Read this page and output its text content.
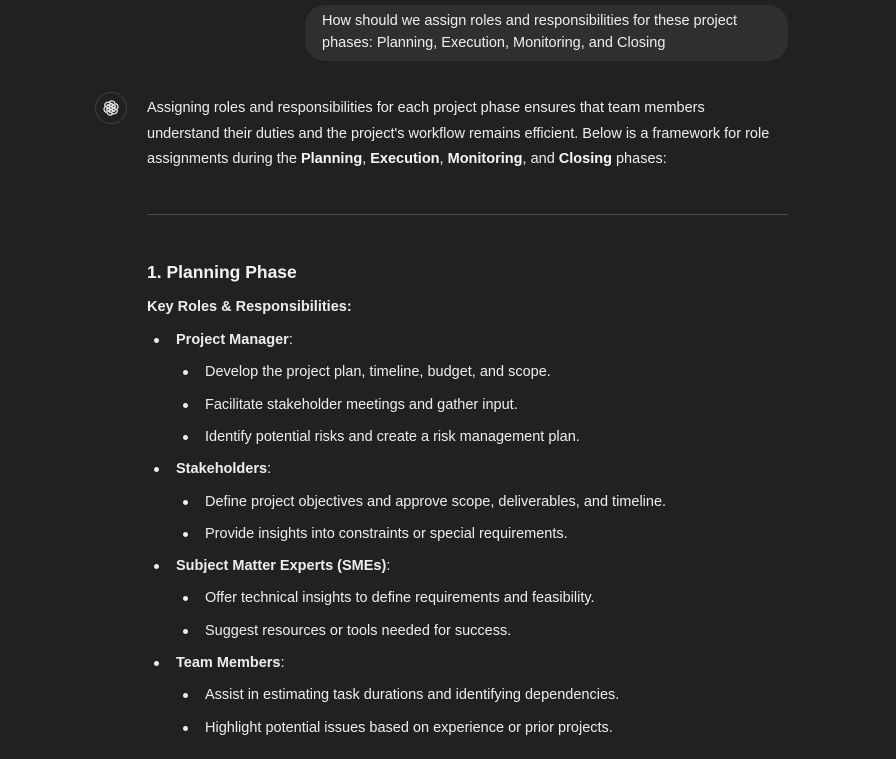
How should we assign roles and responsibilities for these project phases: Planning, Execution, Monitoring, and Closing

Assigning roles and responsibilities for each project phase ensures that team members
understand their duties and the project's workflow remains efficient. Below is a framework for role
assignments during the Planning, Execution, Monitoring, and Closing phases:

1. Planning Phase

Key Roles & Responsibilities:

Project Manager:
Develop the project plan, timeline, budget, and scope.
Facilitate stakeholder meetings and gather input.
Identify potential risks and create a risk management plan.
Stakeholders:
Define project objectives and approve scope, deliverables, and timeline.
Provide insights into constraints or special requirements.
Subject Matter Experts (SMEs):
Offer technical insights to define requirements and feasibility.
Suggest resources or tools needed for success.
Team Members:
Assist in estimating task durations and identifying dependencies.
Highlight potential issues based on experience or prior projects.
